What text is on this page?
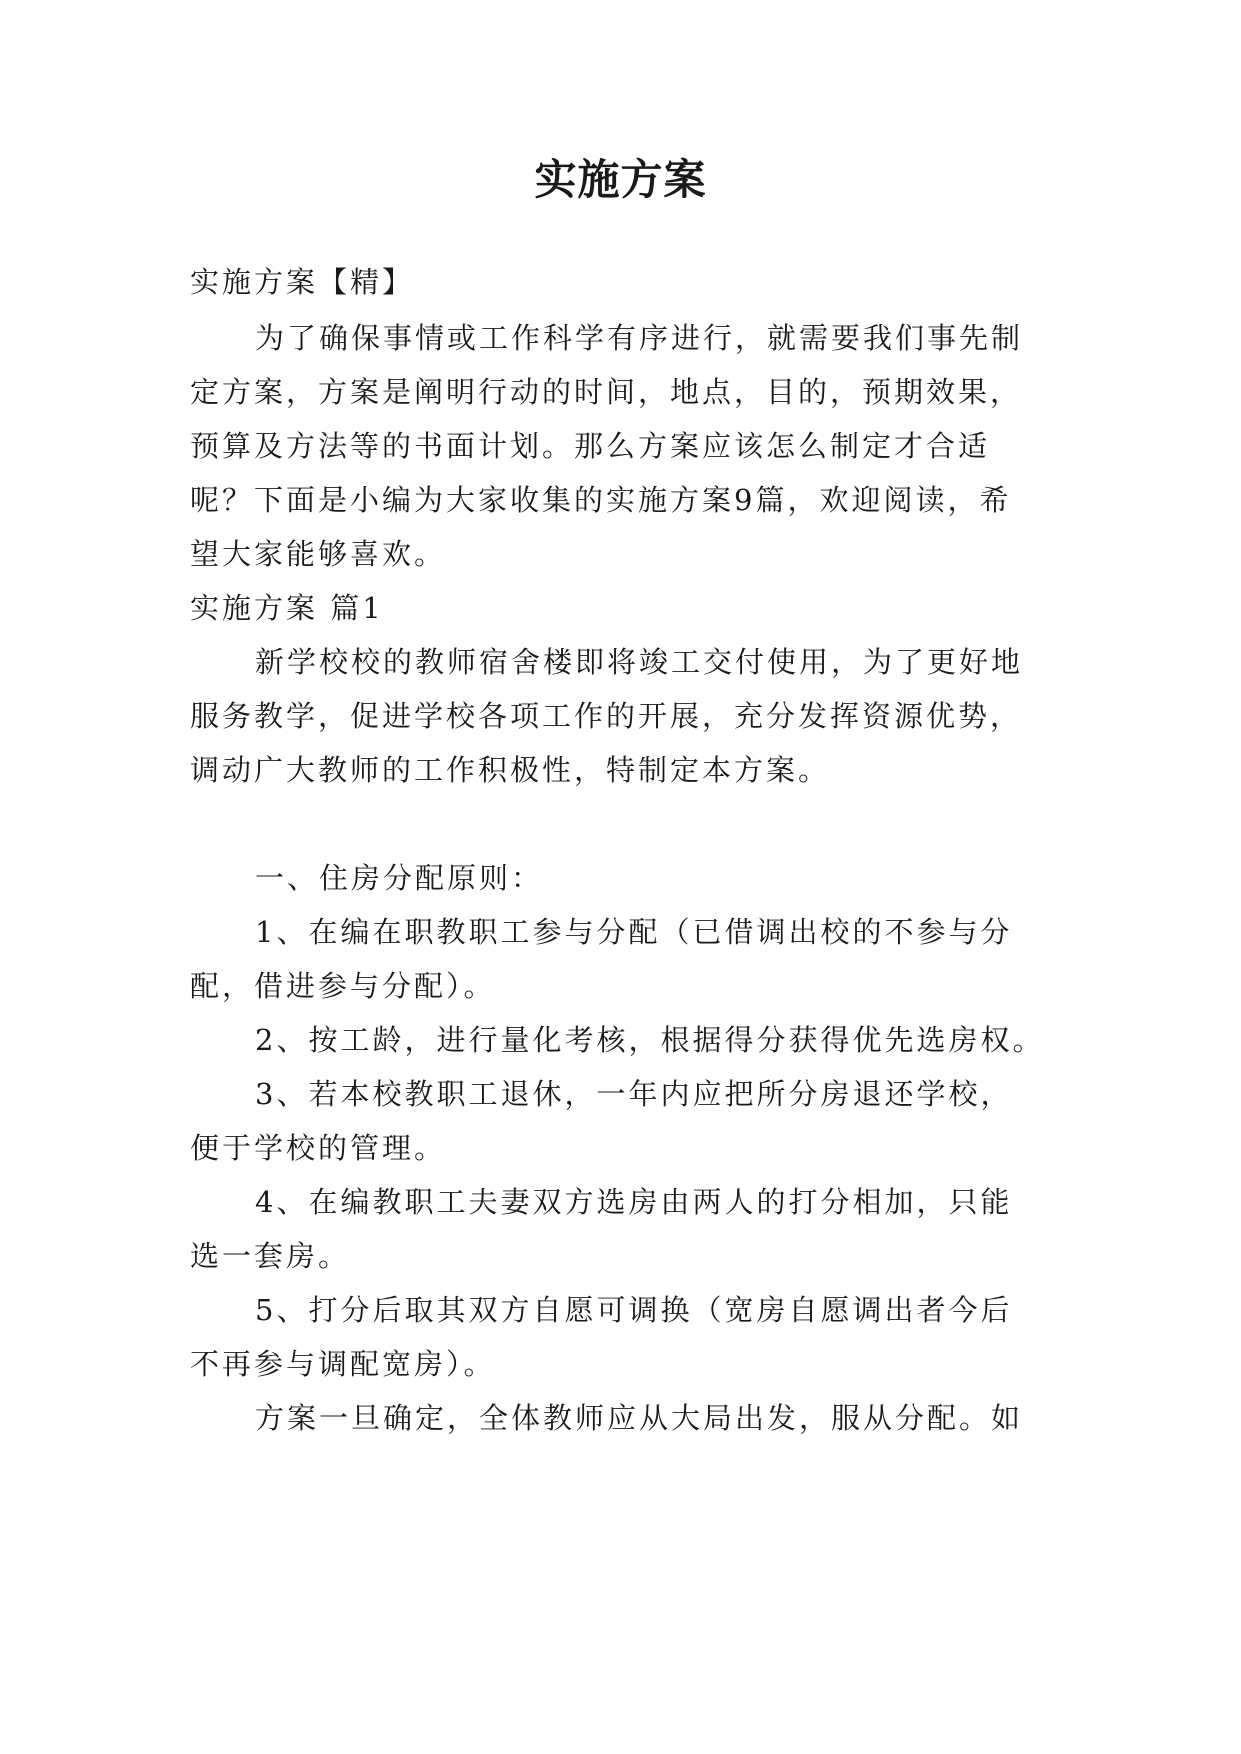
实施方案

实施方案【精】

为了确保事情或工作科学有序进行，就需要我们事先制

定方案，方案是阐明行动的时间，地点，目的，预期效果，

预算及方法等的书面计划。那么方案应该怎么制定才合适

呢？下面是小编为大家收集的实施方案9篇，欢迎阅读，希

望大家能够喜欢。

实施方案 篇1

新学校校的教师宿舍楼即将竣工交付使用，为了更好地

服务教学，促进学校各项工作的开展，充分发挥资源优势，

调动广大教师的工作积极性，特制定本方案。

一、住房分配原则：

1、在编在职教职工参与分配（已借调出校的不参与分

配，借进参与分配）。

2、按工龄，进行量化考核，根据得分获得优先选房权。

3、若本校教职工退休，一年内应把所分房退还学校，

便于学校的管理。

4、在编教职工夫妻双方选房由两人的打分相加，只能

选一套房。

5、打分后取其双方自愿可调换（宽房自愿调出者今后

不再参与调配宽房）。

方案一旦确定，全体教师应从大局出发，服从分配。如
